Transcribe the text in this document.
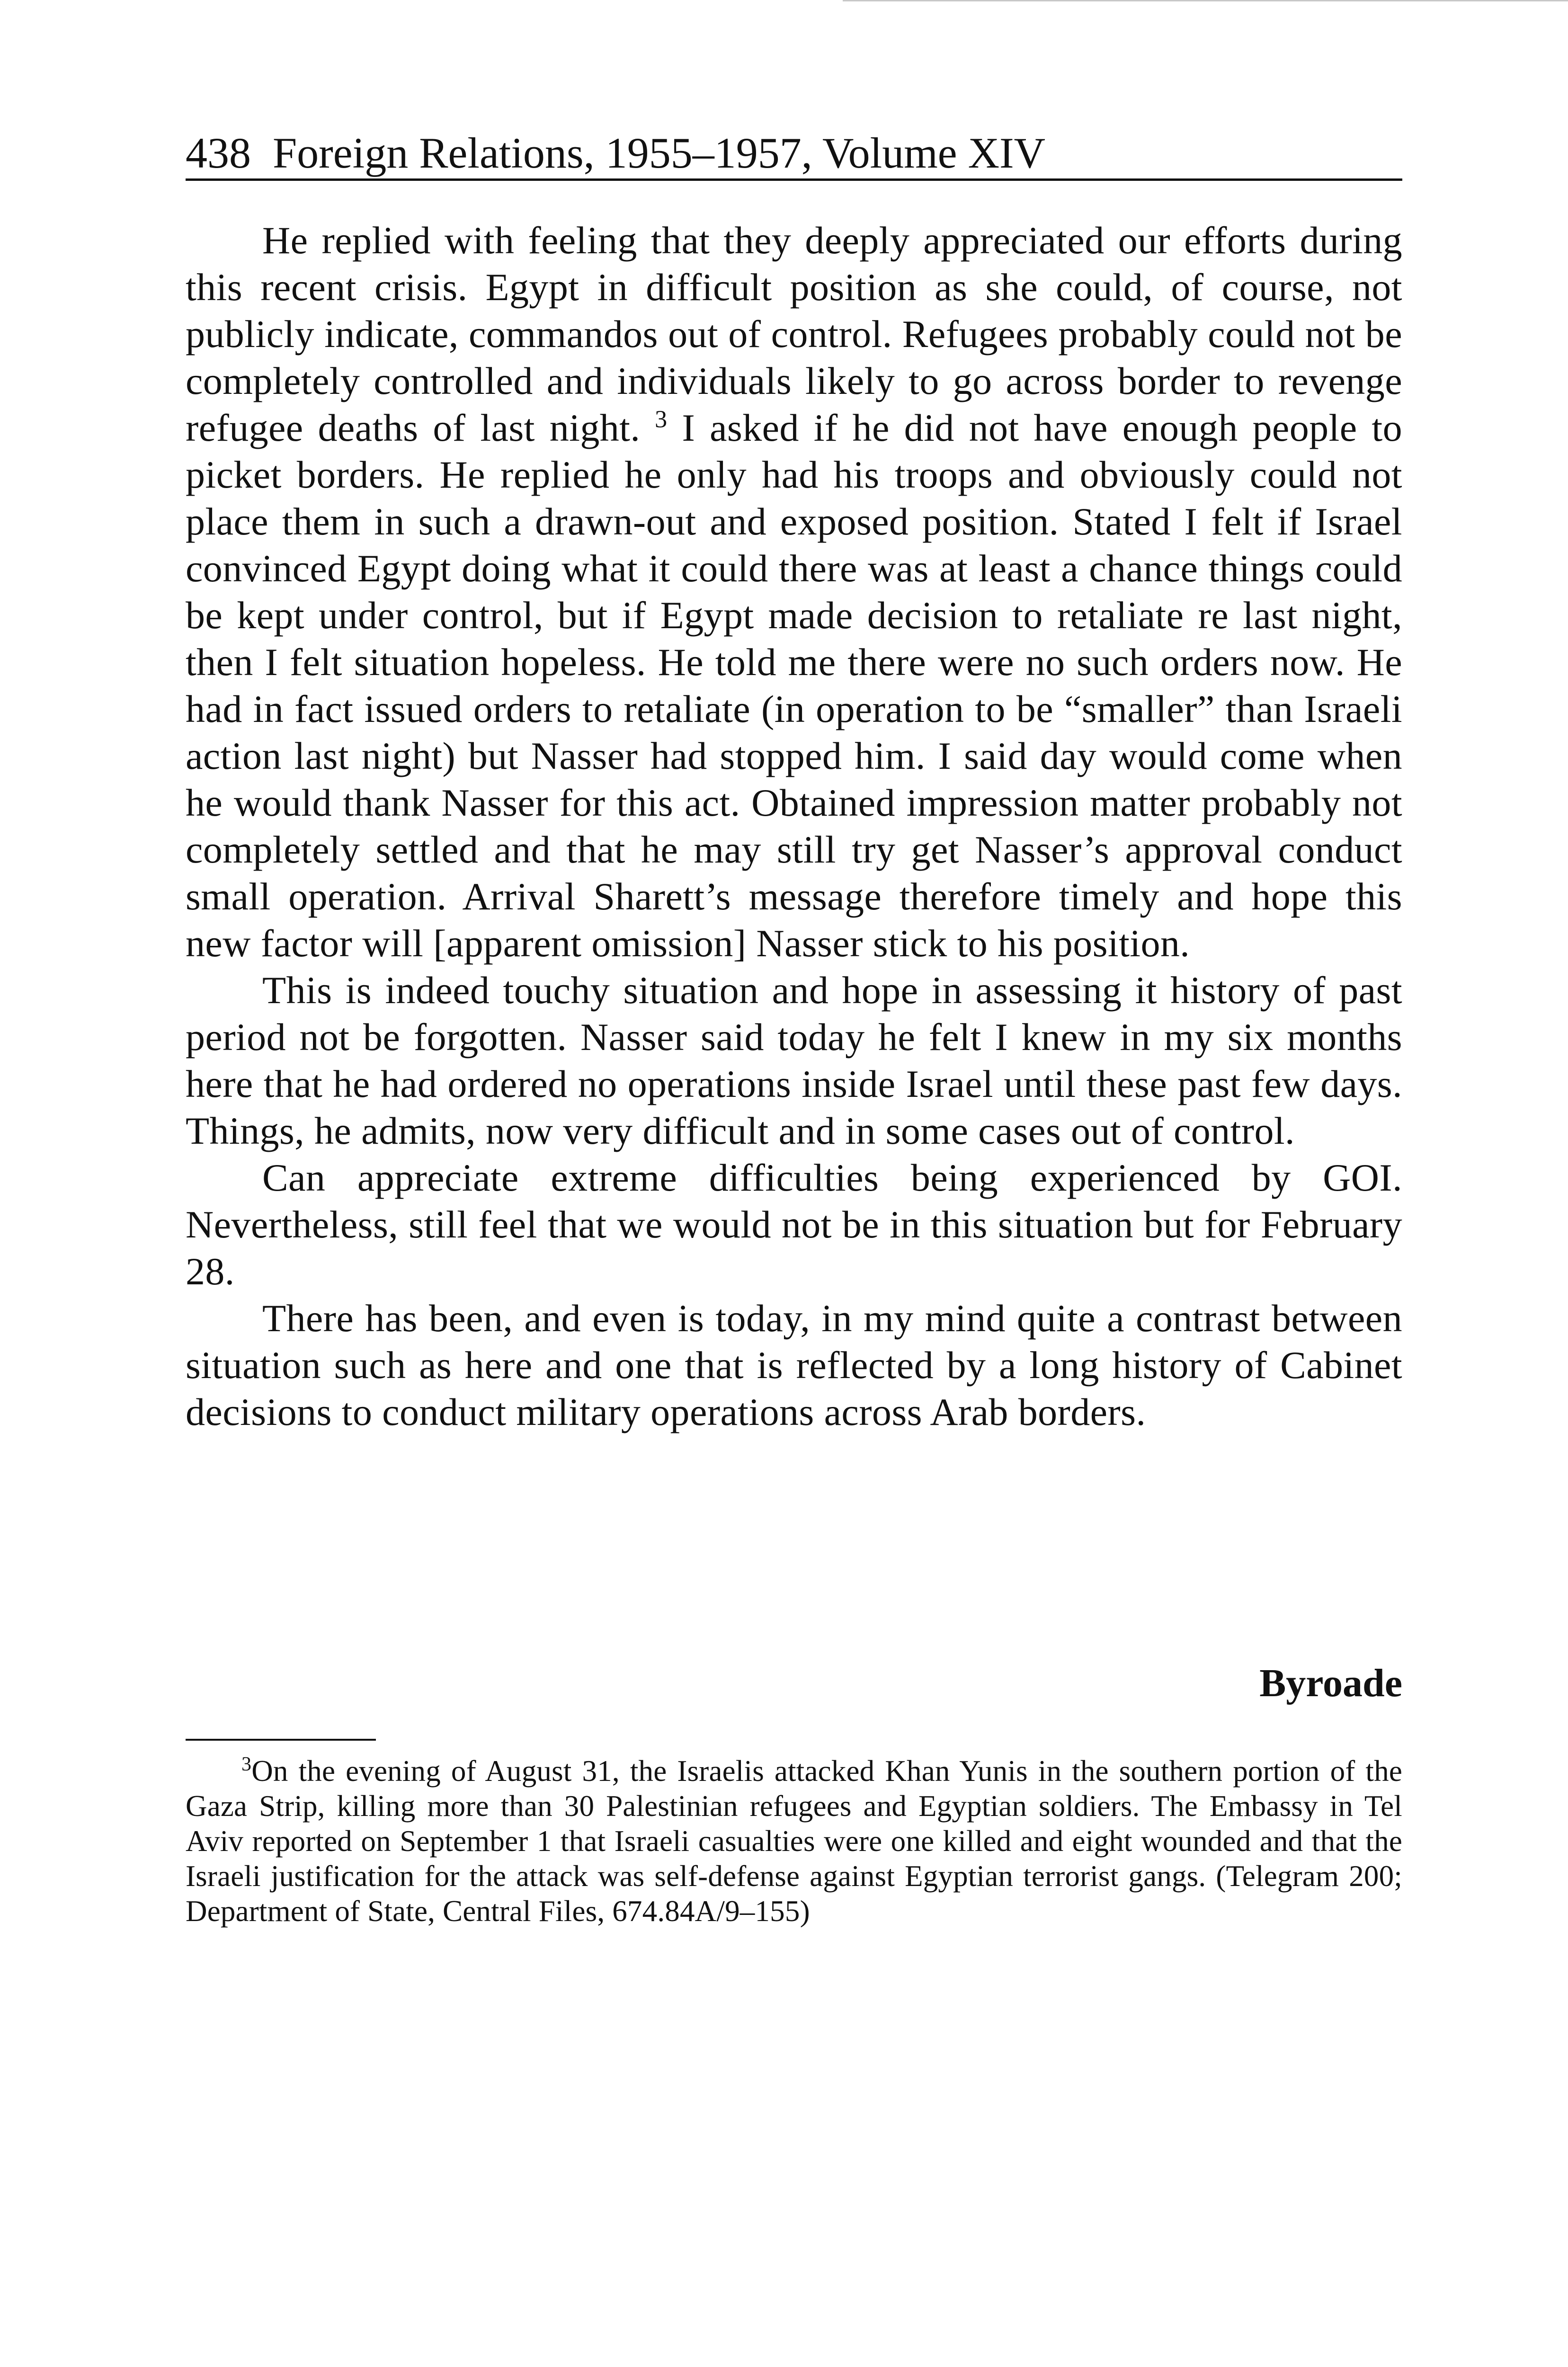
438 Foreign Relations, 1955–1957, Volume XIV

He replied with feeling that they deeply appreciated our efforts during this recent crisis. Egypt in difficult position as she could, of course, not publicly indicate, commandos out of control. Refugees probably could not be completely controlled and individuals likely to go across border to revenge refugee deaths of last night. $^3$ I asked if he did not have enough people to picket borders. He replied he only had his troops and obviously could not place them in such a drawn-out and exposed position. Stated I felt if Israel convinced Egypt doing what it could there was at least a chance things could be kept under control, but if Egypt made decision to retaliate re last night, then I felt situation hopeless. He told me there were no such orders now. He had in fact issued orders to retaliate (in operation to be “smaller” than Israeli action last night) but Nasser had stopped him. I said day would come when he would thank Nasser for this act. Obtained impression matter probably not completely settled and that he may still try get Nasser’s approval conduct small operation. Arrival Sharett’s message therefore timely and hope this new factor will [apparent omission] Nasser stick to his position.

This is indeed touchy situation and hope in assessing it history of past period not be forgotten. Nasser said today he felt I knew in my six months here that he had ordered no operations inside Israel until these past few days. Things, he admits, now very difficult and in some cases out of control.

Can appreciate extreme difficulties being experienced by GOI. Nevertheless, still feel that we would not be in this situation but for February 28.

There has been, and even is today, in my mind quite a contrast between situation such as here and one that is reflected by a long history of Cabinet decisions to conduct military operations across Arab borders.

Byroade
$^3$On the evening of August 31, the Israelis attacked Khan Yunis in the southern portion of the Gaza Strip, killing more than 30 Palestinian refugees and Egyptian soldiers. The Embassy in Tel Aviv reported on September 1 that Israeli casualties were one killed and eight wounded and that the Israeli justification for the attack was self-defense against Egyptian terrorist gangs. (Telegram 200; Department of State, Central Files, 674.84A/9–155)
